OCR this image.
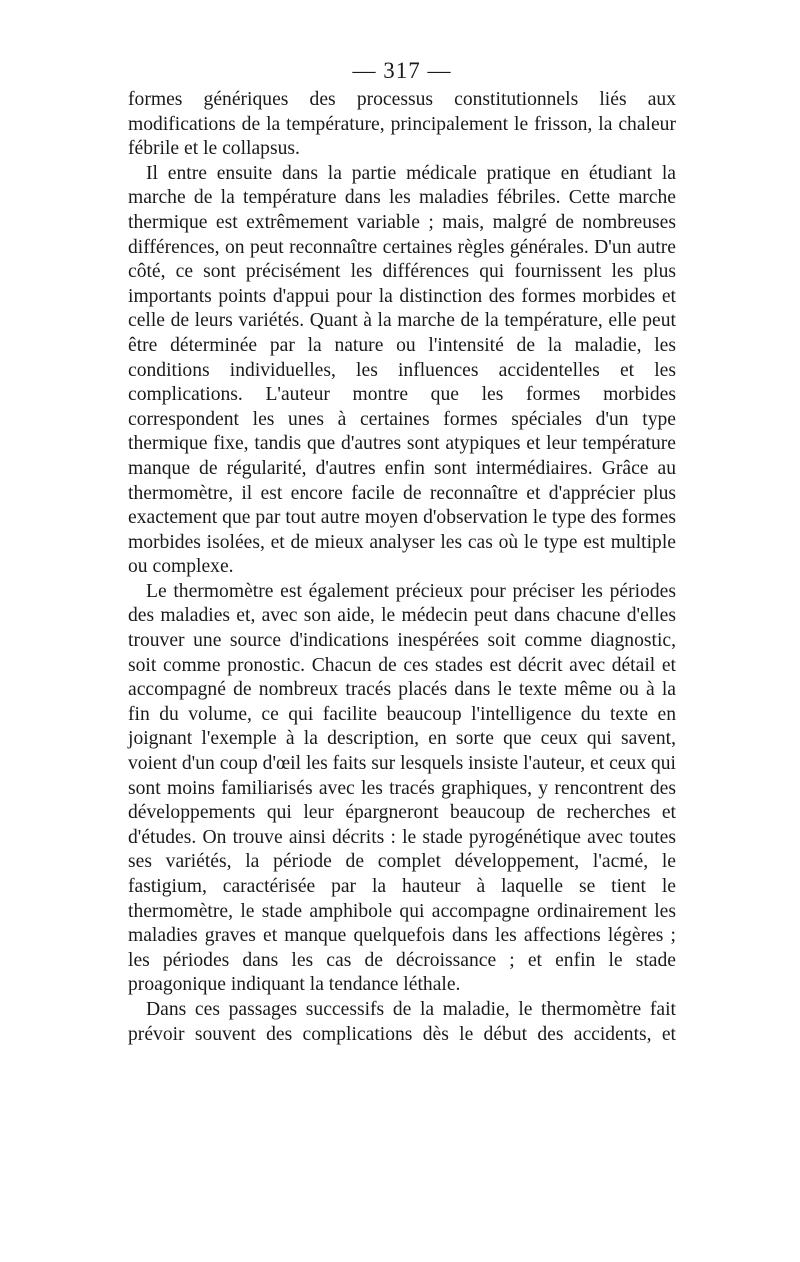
— 317 —

formes génériques des processus constitutionnels liés aux modifications de la température, principalement le frisson, la chaleur fébrile et le collapsus.

Il entre ensuite dans la partie médicale pratique en étudiant la marche de la température dans les maladies fébriles. Cette marche thermique est extrêmement variable ; mais, malgré de nombreuses différences, on peut reconnaître certaines règles générales. D'un autre côté, ce sont précisément les différences qui fournissent les plus importants points d'appui pour la distinction des formes morbides et celle de leurs variétés. Quant à la marche de la température, elle peut être déterminée par la nature ou l'intensité de la maladie, les conditions individuelles, les influences accidentelles et les complications. L'auteur montre que les formes morbides correspondent les unes à certaines formes spéciales d'un type thermique fixe, tandis que d'autres sont atypiques et leur température manque de régularité, d'autres enfin sont intermédiaires. Grâce au thermomètre, il est encore facile de reconnaître et d'apprécier plus exactement que par tout autre moyen d'observation le type des formes morbides isolées, et de mieux analyser les cas où le type est multiple ou complexe.

Le thermomètre est également précieux pour préciser les périodes des maladies et, avec son aide, le médecin peut dans chacune d'elles trouver une source d'indications inespérées soit comme diagnostic, soit comme pronostic. Chacun de ces stades est décrit avec détail et accompagné de nombreux tracés placés dans le texte même ou à la fin du volume, ce qui facilite beaucoup l'intelligence du texte en joignant l'exemple à la description, en sorte que ceux qui savent, voient d'un coup d'œil les faits sur lesquels insiste l'auteur, et ceux qui sont moins familiarisés avec les tracés graphiques, y rencontrent des développements qui leur épargneront beaucoup de recherches et d'études. On trouve ainsi décrits : le stade pyrogénétique avec toutes ses variétés, la période de complet développement, l'acmé, le fastigium, caractérisée par la hauteur à laquelle se tient le thermomètre, le stade amphibole qui accompagne ordinairement les maladies graves et manque quelquefois dans les affections légères ; les périodes dans les cas de décroissance ; et enfin le stade proagonique indiquant la tendance léthale.

Dans ces passages successifs de la maladie, le thermomètre fait prévoir souvent des complications dès le début des accidents, et
